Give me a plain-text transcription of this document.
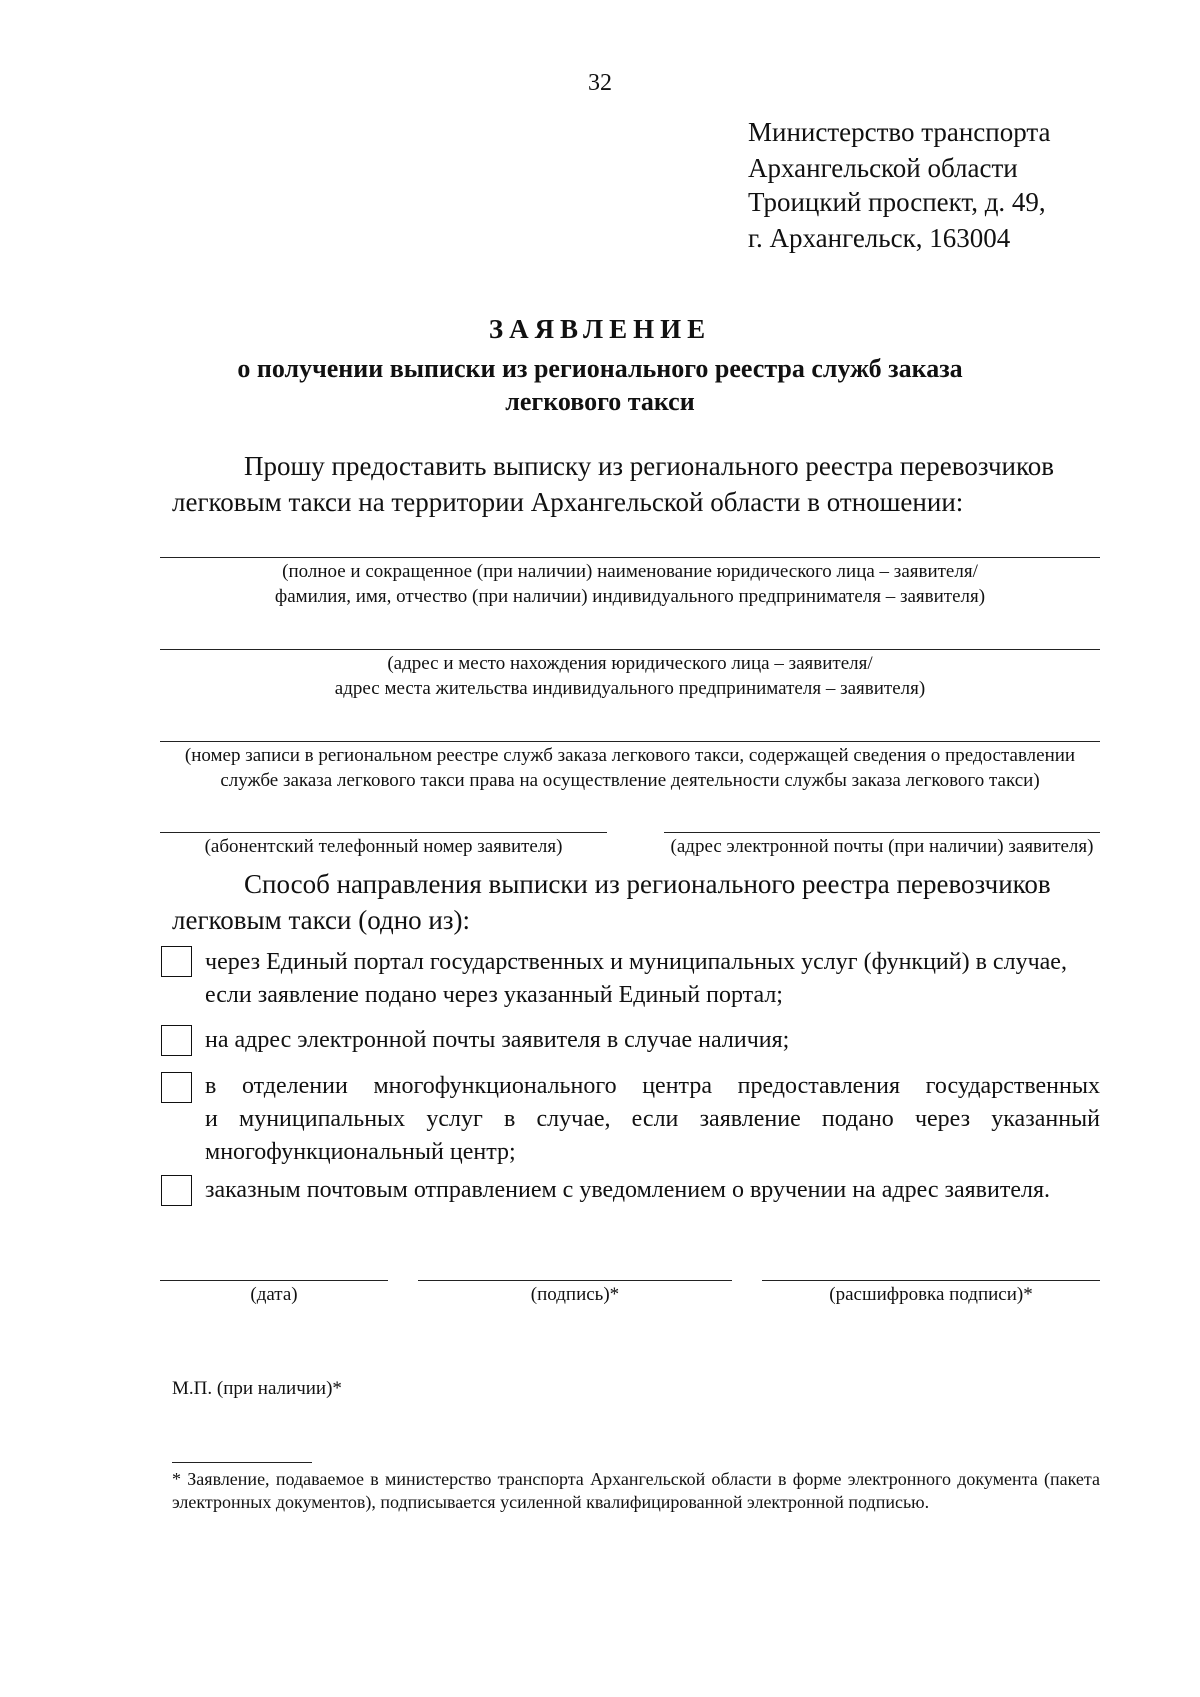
32
Министерство транспорта
Архангельской области
Троицкий проспект, д. 49,
г. Архангельск, 163004
ЗАЯВЛЕНИЕ
о получении выписки из регионального реестра служб заказа
легкового такси
Прошу предоставить выписку из регионального реестра перевозчиков
легковым такси на территории Архангельской области в отношении:
(полное и сокращенное (при наличии) наименование юридического лица – заявителя/
фамилия, имя, отчество (при наличии) индивидуального предпринимателя – заявителя)
(адрес и место нахождения юридического лица – заявителя/
адрес места жительства индивидуального предпринимателя – заявителя)
(номер записи в региональном реестре служб заказа легкового такси, содержащей сведения о предоставлении
службе заказа легкового такси права на осуществление деятельности службы заказа легкового такси)
(абонентский телефонный номер заявителя)	(адрес электронной почты (при наличии) заявителя)
Способ направления выписки из регионального реестра перевозчиков
легковым такси (одно из):
через Единый портал государственных и муниципальных услуг (функций) в случае,
если заявление подано через указанный Единый портал;
на адрес электронной почты заявителя в случае наличия;
в отделении многофункционального центра предоставления государственных
и муниципальных услуг в случае, если заявление подано через указанный
многофункциональный центр;
заказным почтовым отправлением с уведомлением о вручении на адрес заявителя.
(дата)	(подпись)*	(расшифровка подписи)*
М.П. (при наличии)*
* Заявление, подаваемое в министерство транспорта Архангельской области в форме электронного документа (пакета электронных документов), подписывается усиленной квалифицированной электронной подписью.
